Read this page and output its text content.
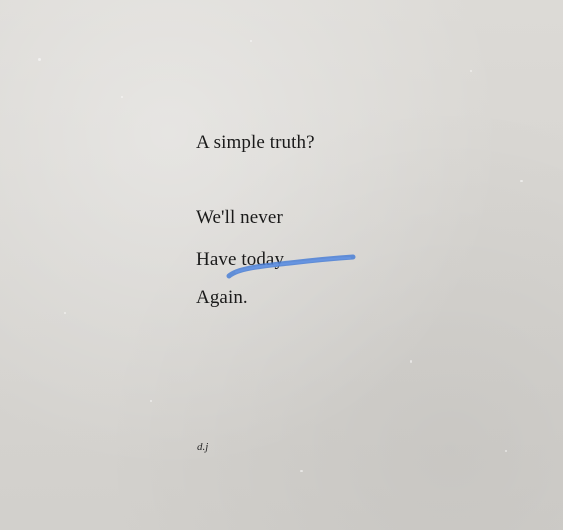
A simple truth?
We'll never
Have today
Again.
d.j
